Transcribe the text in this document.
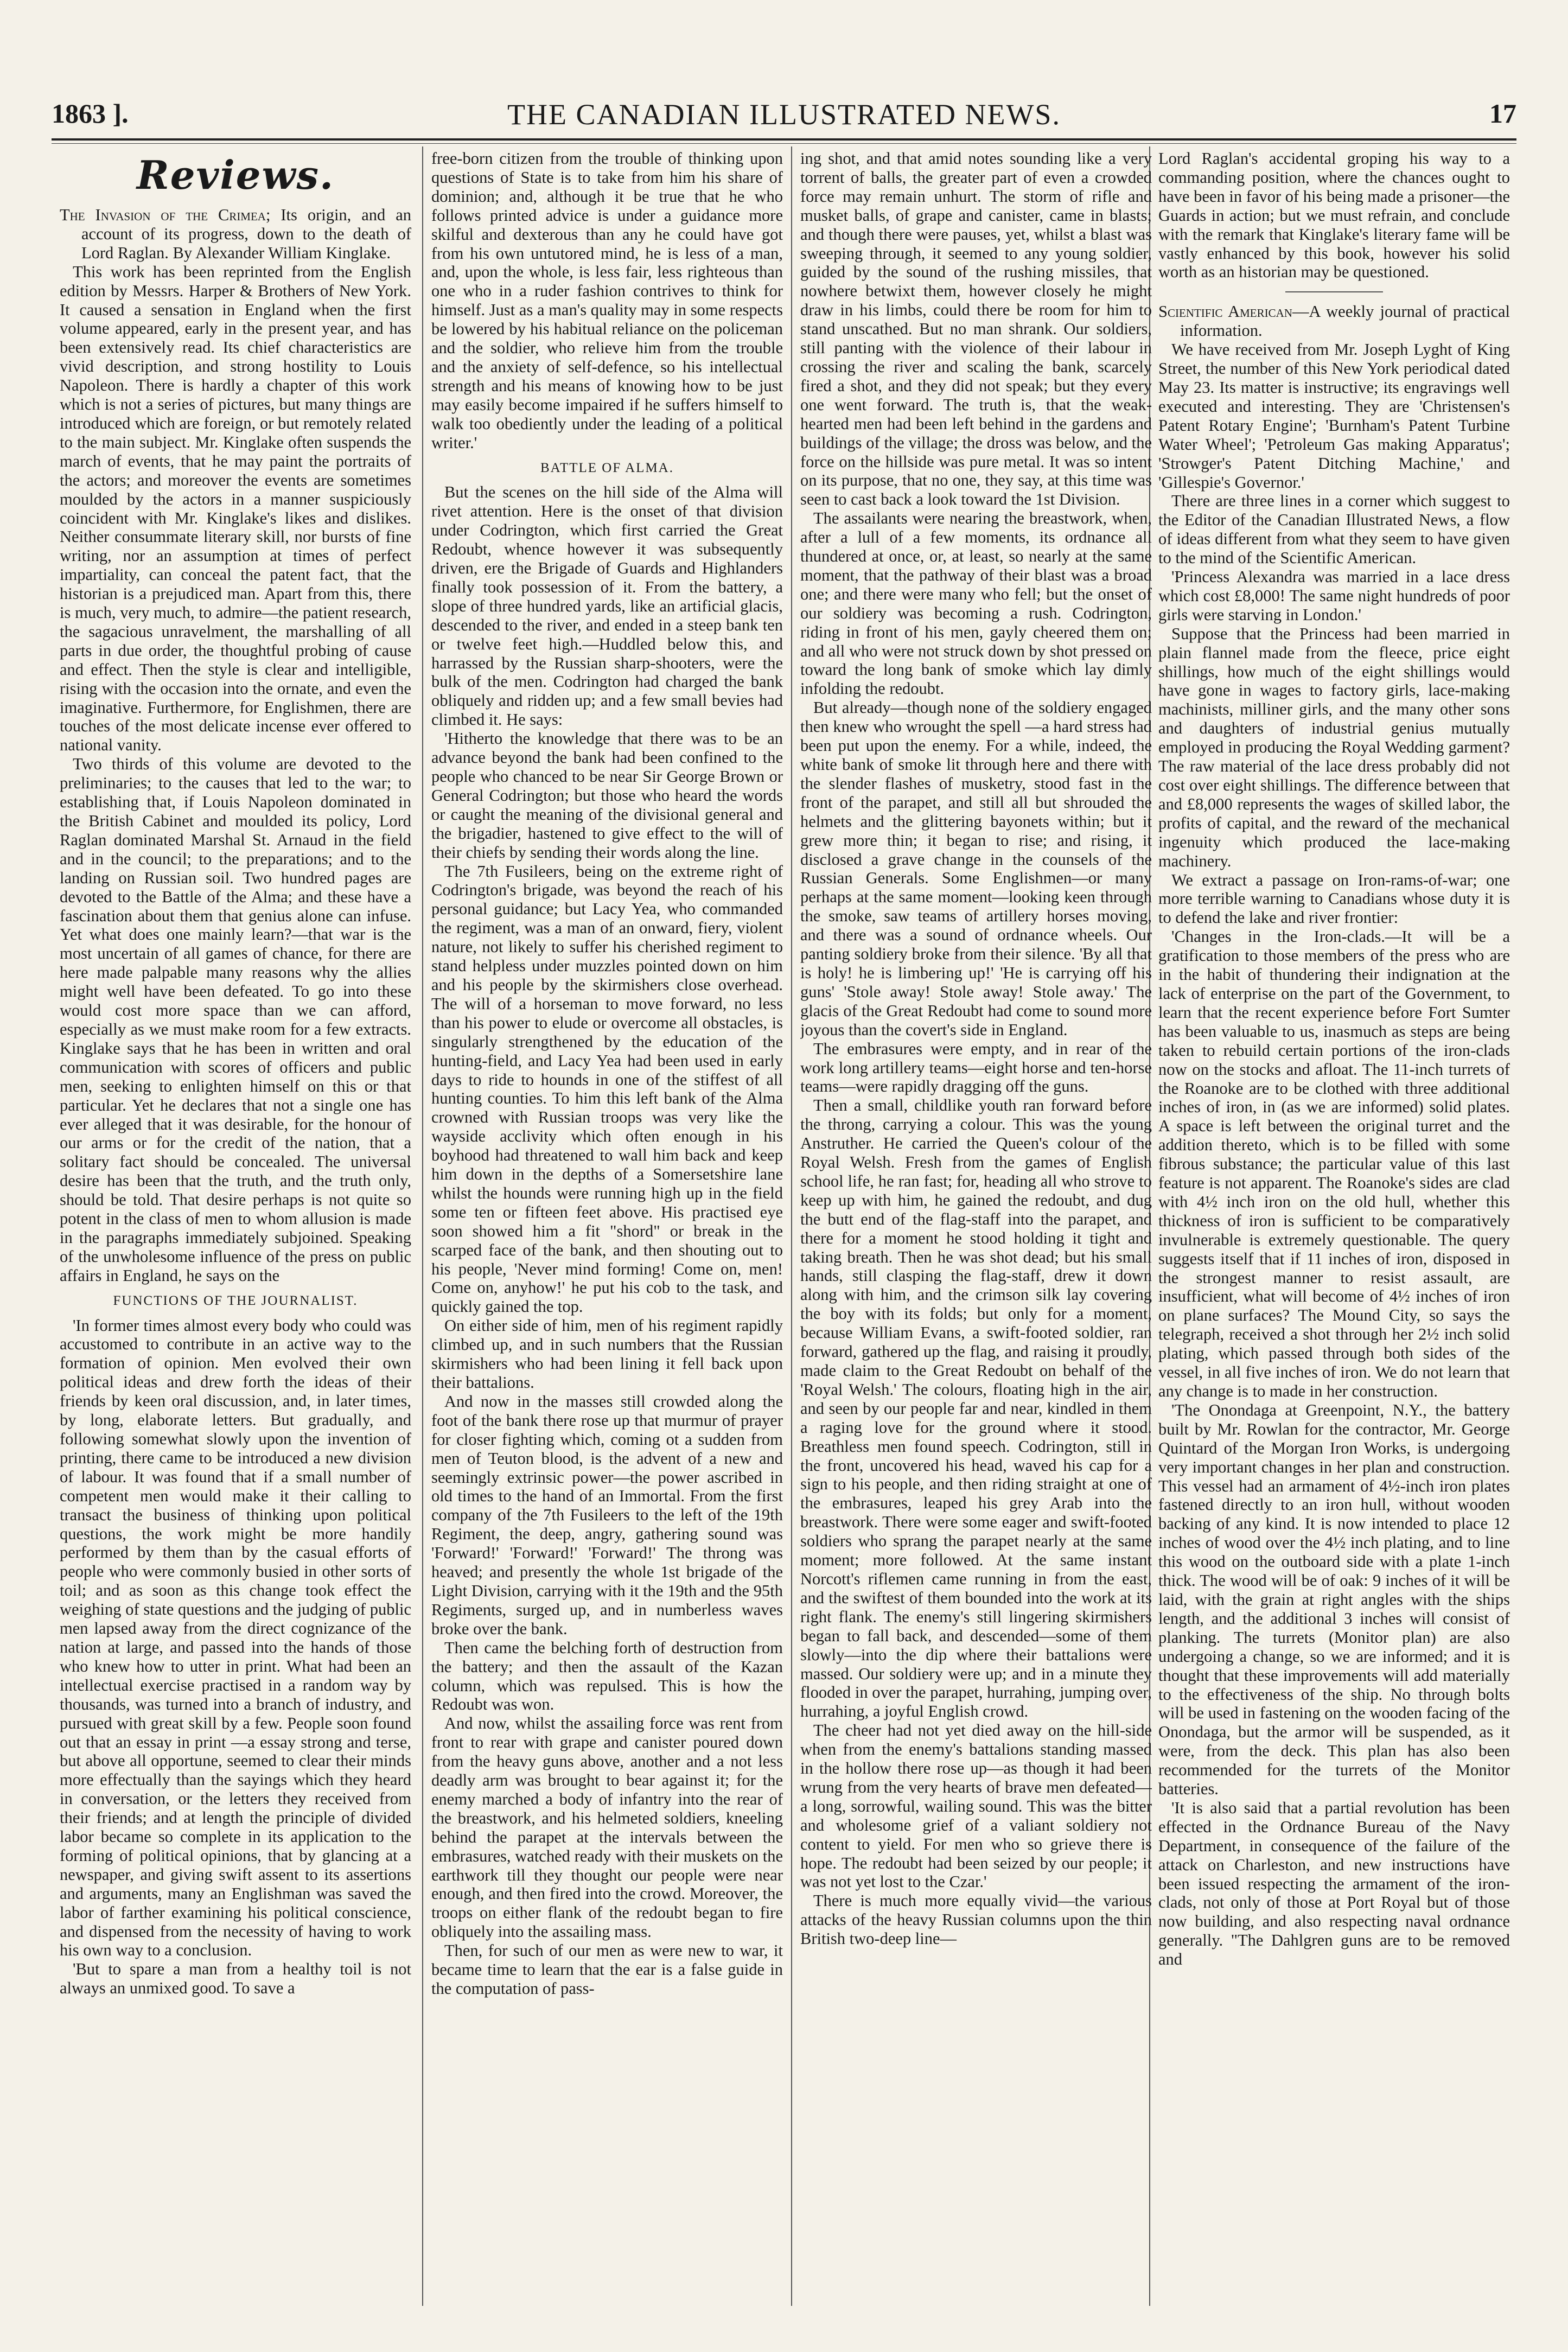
1863 ].	THE CANADIAN ILLUSTRATED NEWS.	17
Reviews.

The Invasion of the Crimea; Its origin, and an account of its progress, down to the death of Lord Raglan. By Alexander William Kinglake.

This work has been reprinted from the English edition by Messrs. Harper & Brothers of New York. It caused a sensation in England when the first volume appeared, early in the present year, and has been extensively read. Its chief characteristics are vivid description, and strong hostility to Louis Napoleon. There is hardly a chapter of this work which is not a series of pictures, but many things are introduced which are foreign, or but remotely related to the main subject. Mr. Kinglake often suspends the march of events, that he may paint the portraits of the actors; and moreover the events are sometimes moulded by the actors in a manner suspiciously coincident with Mr. Kinglake's likes and dislikes. Neither consummate literary skill, nor bursts of fine writing, nor an assumption at times of perfect impartiality, can conceal the patent fact, that the historian is a prejudiced man. Apart from this, there is much, very much, to admire—the patient research, the sagacious unravelment, the marshalling of all parts in due order, the thoughtful probing of cause and effect. Then the style is clear and intelligible, rising with the occasion into the ornate, and even the imaginative. Furthermore, for Englishmen, there are touches of the most delicate incense ever offered to national vanity.

Two thirds of this volume are devoted to the preliminaries; to the causes that led to the war; to establishing that, if Louis Napoleon dominated in the British Cabinet and moulded its policy, Lord Raglan dominated Marshal St. Arnaud in the field and in the council; to the preparations; and to the landing on Russian soil. Two hundred pages are devoted to the Battle of the Alma; and these have a fascination about them that genius alone can infuse. Yet what does one mainly learn?—that war is the most uncertain of all games of chance, for there are here made palpable many reasons why the allies might well have been defeated. To go into these would cost more space than we can afford, especially as we must make room for a few extracts. Kinglake says that he has been in written and oral communication with scores of officers and public men, seeking to enlighten himself on this or that particular. Yet he declares that not a single one has ever alleged that it was desirable, for the honour of our arms or for the credit of the nation, that a solitary fact should be concealed. The universal desire has been that the truth, and the truth only, should be told. That desire perhaps is not quite so potent in the class of men to whom allusion is made in the paragraphs immediately subjoined. Speaking of the unwholesome influence of the press on public affairs in England, he says on the

FUNCTIONS OF THE JOURNALIST.

'In former times almost every body who could was accustomed to contribute in an active way to the formation of opinion. Men evolved their own political ideas and drew forth the ideas of their friends by keen oral discussion, and, in later times, by long, elaborate letters. But gradually, and following somewhat slowly upon the invention of printing, there came to be introduced a new division of labour. It was found that if a small number of competent men would make it their calling to transact the business of thinking upon political questions, the work might be more handily performed by them than by the casual efforts of people who were commonly busied in other sorts of toil; and as soon as this change took effect the weighing of state questions and the judging of public men lapsed away from the direct cognizance of the nation at large, and passed into the hands of those who knew how to utter in print. What had been an intellectual exercise practised in a random way by thousands, was turned into a branch of industry, and pursued with great skill by a few. People soon found out that an essay in print —a essay strong and terse, but above all opportune, seemed to clear their minds more effectually than the sayings which they heard in conversation, or the letters they received from their friends; and at length the principle of divided labor became so complete in its application to the forming of political opinions, that by glancing at a newspaper, and giving swift assent to its assertions and arguments, many an Englishman was saved the labor of farther examining his political conscience, and dispensed from the necessity of having to work his own way to a conclusion.

'But to spare a man from a healthy toil is not always an unmixed good. To save a

free-born citizen from the trouble of thinking upon questions of State is to take from him his share of dominion; and, although it be true that he who follows printed advice is under a guidance more skilful and dexterous than any he could have got from his own untutored mind, he is less of a man, and, upon the whole, is less fair, less righteous than one who in a ruder fashion contrives to think for himself. Just as a man's quality may in some respects be lowered by his habitual reliance on the policeman and the soldier, who relieve him from the trouble and the anxiety of self-defence, so his intellectual strength and his means of knowing how to be just may easily become impaired if he suffers himself to walk too obediently under the leading of a political writer.'

BATTLE OF ALMA.

But the scenes on the hill side of the Alma will rivet attention. Here is the onset of that division under Codrington, which first carried the Great Redoubt, whence however it was subsequently driven, ere the Brigade of Guards and Highlanders finally took possession of it. From the battery, a slope of three hundred yards, like an artificial glacis, descended to the river, and ended in a steep bank ten or twelve feet high.—Huddled below this, and harrassed by the Russian sharp-shooters, were the bulk of the men. Codrington had charged the bank obliquely and ridden up; and a few small bevies had climbed it. He says:

'Hitherto the knowledge that there was to be an advance beyond the bank had been confined to the people who chanced to be near Sir George Brown or General Codrington; but those who heard the words or caught the meaning of the divisional general and the brigadier, hastened to give effect to the will of their chiefs by sending their words along the line.

The 7th Fusileers, being on the extreme right of Codrington's brigade, was beyond the reach of his personal guidance; but Lacy Yea, who commanded the regiment, was a man of an onward, fiery, violent nature, not likely to suffer his cherished regiment to stand helpless under muzzles pointed down on him and his people by the skirmishers close overhead. The will of a horseman to move forward, no less than his power to elude or overcome all obstacles, is singularly strengthened by the education of the hunting-field, and Lacy Yea had been used in early days to ride to hounds in one of the stiffest of all hunting counties. To him this left bank of the Alma crowned with Russian troops was very like the wayside acclivity which often enough in his boyhood had threatened to wall him back and keep him down in the depths of a Somersetshire lane whilst the hounds were running high up in the field some ten or fifteen feet above. His practised eye soon showed him a fit "shord" or break in the scarped face of the bank, and then shouting out to his people, 'Never mind forming! Come on, men! Come on, anyhow!' he put his cob to the task, and quickly gained the top.

On either side of him, men of his regiment rapidly climbed up, and in such numbers that the Russian skirmishers who had been lining it fell back upon their battalions.

And now in the masses still crowded along the foot of the bank there rose up that murmur of prayer for closer fighting which, coming ot a sudden from men of Teuton blood, is the advent of a new and seemingly extrinsic power—the power ascribed in old times to the hand of an Immortal. From the first company of the 7th Fusileers to the left of the 19th Regiment, the deep, angry, gathering sound was 'Forward!' 'Forward!' 'Forward!' The throng was heaved; and presently the whole 1st brigade of the Light Division, carrying with it the 19th and the 95th Regiments, surged up, and in numberless waves broke over the bank.

Then came the belching forth of destruction from the battery; and then the assault of the Kazan column, which was repulsed. This is how the Redoubt was won.

And now, whilst the assailing force was rent from front to rear with grape and canister poured down from the heavy guns above, another and a not less deadly arm was brought to bear against it; for the enemy marched a body of infantry into the rear of the breastwork, and his helmeted soldiers, kneeling behind the parapet at the intervals between the embrasures, watched ready with their muskets on the earthwork till they thought our people were near enough, and then fired into the crowd. Moreover, the troops on either flank of the redoubt began to fire obliquely into the assailing mass.

Then, for such of our men as were new to war, it became time to learn that the ear is a false guide in the computation of pass-

ing shot, and that amid notes sounding like a very torrent of balls, the greater part of even a crowded force may remain unhurt. The storm of rifle and musket balls, of grape and canister, came in blasts; and though there were pauses, yet, whilst a blast was sweeping through, it seemed to any young soldier, guided by the sound of the rushing missiles, that nowhere betwixt them, however closely he might draw in his limbs, could there be room for him to stand unscathed. But no man shrank. Our soldiers, still panting with the violence of their labour in crossing the river and scaling the bank, scarcely fired a shot, and they did not speak; but they every one went forward. The truth is, that the weak-hearted men had been left behind in the gardens and buildings of the village; the dross was below, and the force on the hillside was pure metal. It was so intent on its purpose, that no one, they say, at this time was seen to cast back a look toward the 1st Division.

The assailants were nearing the breastwork, when, after a lull of a few moments, its ordnance all thundered at once, or, at least, so nearly at the same moment, that the pathway of their blast was a broad one; and there were many who fell; but the onset of our soldiery was becoming a rush. Codrington, riding in front of his men, gayly cheered them on; and all who were not struck down by shot pressed on toward the long bank of smoke which lay dimly infolding the redoubt.

But already—though none of the soldiery engaged then knew who wrought the spell —a hard stress had been put upon the enemy. For a while, indeed, the white bank of smoke lit through here and there with the slender flashes of musketry, stood fast in the front of the parapet, and still all but shrouded the helmets and the glittering bayonets within; but it grew more thin; it began to rise; and rising, it disclosed a grave change in the counsels of the Russian Generals. Some Englishmen—or many perhaps at the same moment—looking keen through the smoke, saw teams of artillery horses moving, and there was a sound of ordnance wheels. Our panting soldiery broke from their silence. 'By all that is holy! he is limbering up!' 'He is carrying off his guns' 'Stole away! Stole away! Stole away.' The glacis of the Great Redoubt had come to sound more joyous than the covert's side in England.

The embrasures were empty, and in rear of the work long artillery teams—eight horse and ten-horse teams—were rapidly dragging off the guns.

Then a small, childlike youth ran forward before the throng, carrying a colour. This was the young Anstruther. He carried the Queen's colour of the Royal Welsh. Fresh from the games of English school life, he ran fast; for, heading all who strove to keep up with him, he gained the redoubt, and dug the butt end of the flag-staff into the parapet, and there for a moment he stood holding it tight and taking breath. Then he was shot dead; but his small hands, still clasping the flag-staff, drew it down along with him, and the crimson silk lay covering the boy with its folds; but only for a moment, because William Evans, a swift-footed soldier, ran forward, gathered up the flag, and raising it proudly, made claim to the Great Redoubt on behalf of the 'Royal Welsh.' The colours, floating high in the air, and seen by our people far and near, kindled in them a raging love for the ground where it stood. Breathless men found speech. Codrington, still in the front, uncovered his head, waved his cap for a sign to his people, and then riding straight at one of the embrasures, leaped his grey Arab into the breastwork. There were some eager and swift-footed soldiers who sprang the parapet nearly at the same moment; more followed. At the same instant Norcott's riflemen came running in from the east, and the swiftest of them bounded into the work at its right flank. The enemy's still lingering skirmishers began to fall back, and descended—some of them slowly—into the dip where their battalions were massed. Our soldiery were up; and in a minute they flooded in over the parapet, hurrahing, jumping over, hurrahing, a joyful English crowd.

The cheer had not yet died away on the hill-side when from the enemy's battalions standing massed in the hollow there rose up—as though it had been wrung from the very hearts of brave men defeated—a long, sorrowful, wailing sound. This was the bitter and wholesome grief of a valiant soldiery not content to yield. For men who so grieve there is hope. The redoubt had been seized by our people; it was not yet lost to the Czar.'

There is much more equally vivid—the various attacks of the heavy Russian columns upon the thin British two-deep line—

Lord Raglan's accidental groping his way to a commanding position, where the chances ought to have been in favor of his being made a prisoner—the Guards in action; but we must refrain, and conclude with the remark that Kinglake's literary fame will be vastly enhanced by this book, however his solid worth as an historian may be questioned.

Scientific American—A weekly journal of practical information.

We have received from Mr. Joseph Lyght of King Street, the number of this New York periodical dated May 23. Its matter is instructive; its engravings well executed and interesting. They are 'Christensen's Patent Rotary Engine'; 'Burnham's Patent Turbine Water Wheel'; 'Petroleum Gas making Apparatus'; 'Strowger's Patent Ditching Machine,' and 'Gillespie's Governor.'

There are three lines in a corner which suggest to the Editor of the Canadian Illustrated News, a flow of ideas different from what they seem to have given to the mind of the Scientific American.

'Princess Alexandra was married in a lace dress which cost £8,000! The same night hundreds of poor girls were starving in London.'

Suppose that the Princess had been married in plain flannel made from the fleece, price eight shillings, how much of the eight shillings would have gone in wages to factory girls, lace-making machinists, milliner girls, and the many other sons and daughters of industrial genius mutually employed in producing the Royal Wedding garment? The raw material of the lace dress probably did not cost over eight shillings. The difference between that and £8,000 represents the wages of skilled labor, the profits of capital, and the reward of the mechanical ingenuity which produced the lace-making machinery.

We extract a passage on Iron-rams-of-war; one more terrible warning to Canadians whose duty it is to defend the lake and river frontier:

'Changes in the Iron-clads.—It will be a gratification to those members of the press who are in the habit of thundering their indignation at the lack of enterprise on the part of the Government, to learn that the recent experience before Fort Sumter has been valuable to us, inasmuch as steps are being taken to rebuild certain portions of the iron-clads now on the stocks and afloat. The 11-inch turrets of the Roanoke are to be clothed with three additional inches of iron, in (as we are informed) solid plates. A space is left between the original turret and the addition thereto, which is to be filled with some fibrous substance; the particular value of this last feature is not apparent. The Roanoke's sides are clad with 4½ inch iron on the old hull, whether this thickness of iron is sufficient to be comparatively invulnerable is extremely questionable. The query suggests itself that if 11 inches of iron, disposed in the strongest manner to resist assault, are insufficient, what will become of 4½ inches of iron on plane surfaces? The Mound City, so says the telegraph, received a shot through her 2½ inch solid plating, which passed through both sides of the vessel, in all five inches of iron. We do not learn that any change is to made in her construction.

'The Onondaga at Greenpoint, N.Y., the battery built by Mr. Rowlan for the contractor, Mr. George Quintard of the Morgan Iron Works, is undergoing very important changes in her plan and construction. This vessel had an armament of 4½-inch iron plates fastened directly to an iron hull, without wooden backing of any kind. It is now intended to place 12 inches of wood over the 4½ inch plating, and to line this wood on the outboard side with a plate 1-inch thick. The wood will be of oak: 9 inches of it will be laid, with the grain at right angles with the ships length, and the additional 3 inches will consist of planking. The turrets (Monitor plan) are also undergoing a change, so we are informed; and it is thought that these improvements will add materially to the effectiveness of the ship. No through bolts will be used in fastening on the wooden facing of the Onondaga, but the armor will be suspended, as it were, from the deck. This plan has also been recommended for the turrets of the Monitor batteries.

'It is also said that a partial revolution has been effected in the Ordnance Bureau of the Navy Department, in consequence of the failure of the attack on Charleston, and new instructions have been issued respecting the armament of the iron-clads, not only of those at Port Royal but of those now building, and also respecting naval ordnance generally. "The Dahlgren guns are to be removed and
